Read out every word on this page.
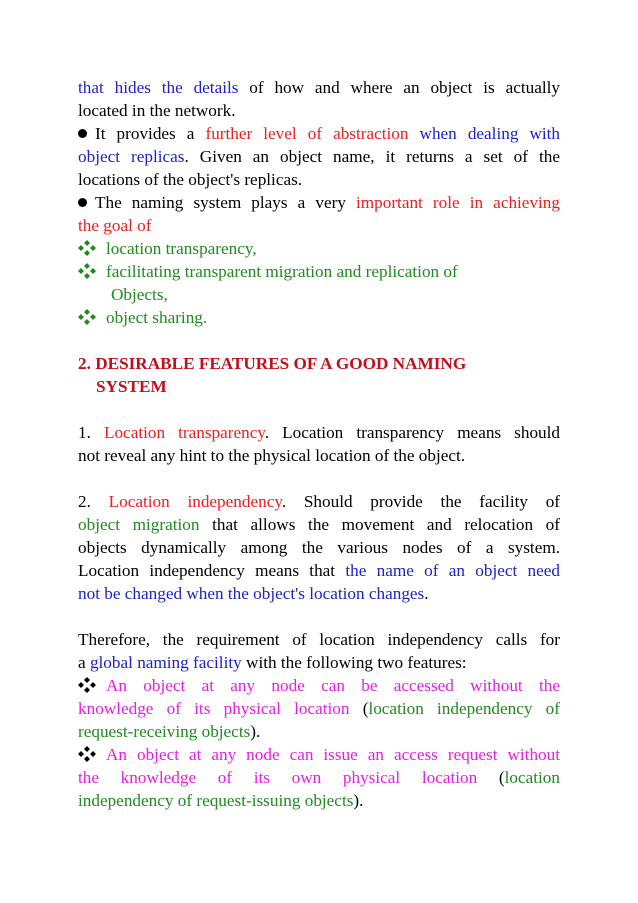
that hides the details of how and where an object is actually

located in the network.

It provides a further level of abstraction when dealing with

object replicas. Given an object name, it returns a set of the

locations of the object's replicas.

The naming system plays a very important role in achieving

the goal of

location transparency,

facilitating transparent migration and replication of

Objects,

object sharing.

2. DESIRABLE FEATURES OF A GOOD NAMING
SYSTEM

1. Location transparency. Location transparency means should

not reveal any hint to the physical location of the object.

2. Location independency. Should provide the facility of

object migration that allows the movement and relocation of

objects dynamically among the various nodes of a system.

Location independency means that the name of an object need

not be changed when the object's location changes.

Therefore, the requirement of location independency calls for

a global naming facility with the following two features:

An object at any node can be accessed without the

knowledge of its physical location (location independency of

request-receiving objects).

An object at any node can issue an access request without

the knowledge of its own physical location (location

independency of request-issuing objects).
